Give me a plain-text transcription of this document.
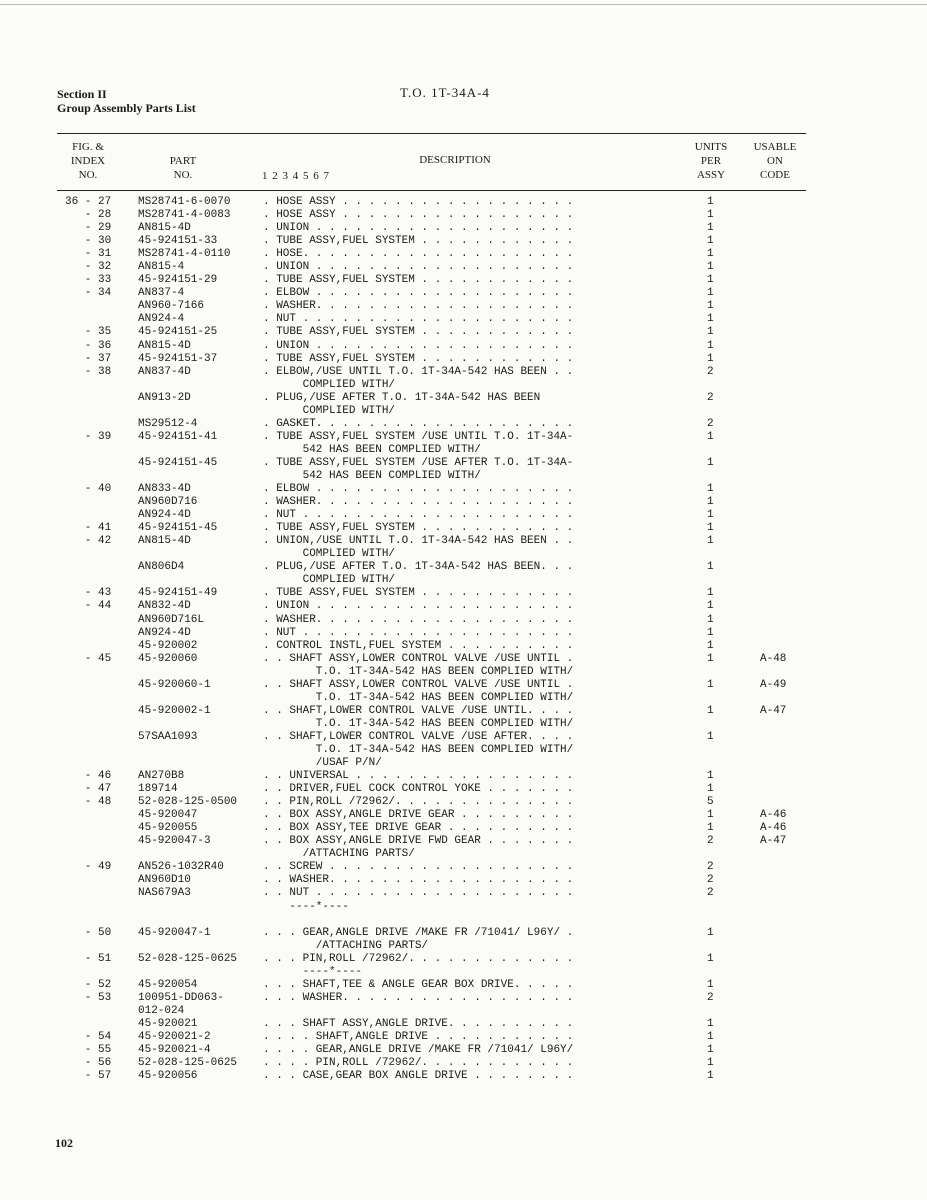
Section II
Group Assembly Parts List
T.O. 1T-34A-4
FIG. &
INDEX
NO.
PART
NO.
DESCRIPTION
1 2 3 4 5 6 7
UNITS
PER
ASSY
USABLE
ON
CODE
36 - 27 MS28741-6-0070	. HOSE ASSY . . . . . . . . . . . . . . . . . .	1
- 28 MS28741-4-0083	. HOSE ASSY . . . . . . . . . . . . . . . . . .	1
- 29 AN815-4D	. UNION . . . . . . . . . . . . . . . . . . . .	1
- 30 45-924151-33	. TUBE ASSY,FUEL SYSTEM . . . . . . . . . . . .	1
- 31 MS28741-4-0110	. HOSE. . . . . . . . . . . . . . . . . . . . .	1
- 32 AN815-4	. UNION . . . . . . . . . . . . . . . . . . . .	1
- 33 45-924151-29	. TUBE ASSY,FUEL SYSTEM . . . . . . . . . . . .	1
- 34 AN837-4	. ELBOW . . . . . . . . . . . . . . . . . . . .	1
AN960-7166	. WASHER. . . . . . . . . . . . . . . . . . . .	1
AN924-4	. NUT . . . . . . . . . . . . . . . . . . . . .	1
- 35 45-924151-25	. TUBE ASSY,FUEL SYSTEM . . . . . . . . . . . .	1
- 36 AN815-4D	. UNION . . . . . . . . . . . . . . . . . . . .	1
- 37 45-924151-37	. TUBE ASSY,FUEL SYSTEM . . . . . . . . . . . .	1
- 38 AN837-4D	. ELBOW,/USE UNTIL T.O. 1T-34A-542 HAS BEEN . .	2
COMPLIED WITH/
AN913-2D	. PLUG,/USE AFTER T.O. 1T-34A-542 HAS BEEN	2
COMPLIED WITH/
MS29512-4	. GASKET. . . . . . . . . . . . . . . . . . . .	2
- 39 45-924151-41	. TUBE ASSY,FUEL SYSTEM /USE UNTIL T.O. 1T-34A-	1
542 HAS BEEN COMPLIED WITH/
45-924151-45	. TUBE ASSY,FUEL SYSTEM /USE AFTER T.O. 1T-34A-	1
542 HAS BEEN COMPLIED WITH/
- 40 AN833-4D	. ELBOW . . . . . . . . . . . . . . . . . . . .	1
AN960D716	. WASHER. . . . . . . . . . . . . . . . . . . .	1
AN924-4D	. NUT . . . . . . . . . . . . . . . . . . . . .	1
- 41 45-924151-45	. TUBE ASSY,FUEL SYSTEM . . . . . . . . . . . .	1
- 42 AN815-4D	. UNION,/USE UNTIL T.O. 1T-34A-542 HAS BEEN . .	1
COMPLIED WITH/
AN806D4	. PLUG,/USE AFTER T.O. 1T-34A-542 HAS BEEN. . .	1
COMPLIED WITH/
- 43 45-924151-49	. TUBE ASSY,FUEL SYSTEM . . . . . . . . . . . .	1
- 44 AN832-4D	. UNION . . . . . . . . . . . . . . . . . . . .	1
AN960D716L	. WASHER. . . . . . . . . . . . . . . . . . . .	1
AN924-4D	. NUT . . . . . . . . . . . . . . . . . . . . .	1
45-920002	. CONTROL INSTL,FUEL SYSTEM . . . . . . . . . .	1
- 45 45-920060	. . SHAFT ASSY,LOWER CONTROL VALVE /USE UNTIL .	1	A-48
T.O. 1T-34A-542 HAS BEEN COMPLIED WITH/
45-920060-1	. . SHAFT ASSY,LOWER CONTROL VALVE /USE UNTIL .	1	A-49
T.O. 1T-34A-542 HAS BEEN COMPLIED WITH/
45-920002-1	. . SHAFT,LOWER CONTROL VALVE /USE UNTIL. . . .	1	A-47
T.O. 1T-34A-542 HAS BEEN COMPLIED WITH/
57SAA1093	. . SHAFT,LOWER CONTROL VALVE /USE AFTER. . . .	1
T.O. 1T-34A-542 HAS BEEN COMPLIED WITH/
/USAF P/N/
- 46 AN270B8	. . UNIVERSAL . . . . . . . . . . . . . . . . .	1
- 47 189714	. . DRIVER,FUEL COCK CONTROL YOKE . . . . . . .	1
- 48 52-028-125-0500 . . PIN,ROLL /72962/. . . . . . . . . . . . . .	5
45-920047	. . BOX ASSY,ANGLE DRIVE GEAR . . . . . . . . .	1	A-46
45-920055	. . BOX ASSY,TEE DRIVE GEAR . . . . . . . . . .	1	A-46
45-920047-3	. . BOX ASSY,ANGLE DRIVE FWD GEAR . . . . . . .	2	A-47
/ATTACHING PARTS/
- 49 AN526-1032R40	. . SCREW . . . . . . . . . . . . . . . . . . .	2
AN960D10	. . WASHER. . . . . . . . . . . . . . . . . . .	2
NAS679A3	. . NUT . . . . . . . . . . . . . . . . . . . .	2
----*----
- 50 45-920047-1	. . . GEAR,ANGLE DRIVE /MAKE FR /71041/ L96Y/ .	1
/ATTACHING PARTS/
- 51 52-028-125-0625 . . . PIN,ROLL /72962/. . . . . . . . . . . . .	1
----*----
- 52 45-920054	. . . SHAFT,TEE & ANGLE GEAR BOX DRIVE. . . . .	1
- 53 100951-DD063-	. . . WASHER. . . . . . . . . . . . . . . . . .	2
012-024
45-920021	. . . SHAFT ASSY,ANGLE DRIVE. . . . . . . . . .	1
- 54 45-920021-2	. . . . SHAFT,ANGLE DRIVE . . . . . . . . . . .	1
- 55 45-920021-4	. . . . GEAR,ANGLE DRIVE /MAKE FR /71041/ L96Y/	1
- 56 52-028-125-0625 . . . . PIN,ROLL /72962/. . . . . . . . . . . .	1
- 57 45-920056	. . . CASE,GEAR BOX ANGLE DRIVE . . . . . . . .	1
102
